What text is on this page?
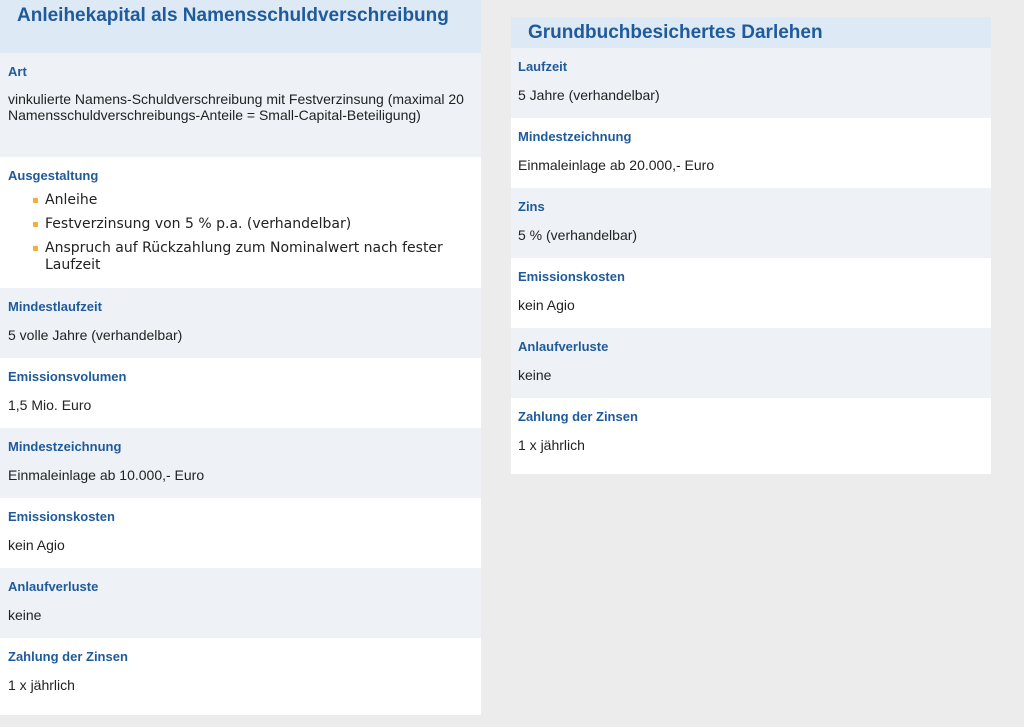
Anleihekapital als Namensschuldverschreibung
Art
vinkulierte Namens-Schuldverschreibung mit Festverzinsung (maximal 20 Namensschuldverschreibungs-Anteile = Small-Capital-Beteiligung)
Ausgestaltung
Anleihe
Festverzinsung von 5 % p.a. (verhandelbar)
Anspruch auf Rückzahlung zum Nominalwert nach fester Laufzeit
Mindestlaufzeit
5 volle Jahre (verhandelbar)
Emissionsvolumen
1,5 Mio. Euro
Mindestzeichnung
Einmaleinlage ab 10.000,- Euro
Emissionskosten
kein Agio
Anlaufverluste
keine
Zahlung der Zinsen
1 x jährlich
Grundbuchbesichertes Darlehen
Laufzeit
5 Jahre (verhandelbar)
Mindestzeichnung
Einmaleinlage ab 20.000,- Euro
Zins
5 % (verhandelbar)
Emissionskosten
kein Agio
Anlaufverluste
keine
Zahlung der Zinsen
1 x jährlich
